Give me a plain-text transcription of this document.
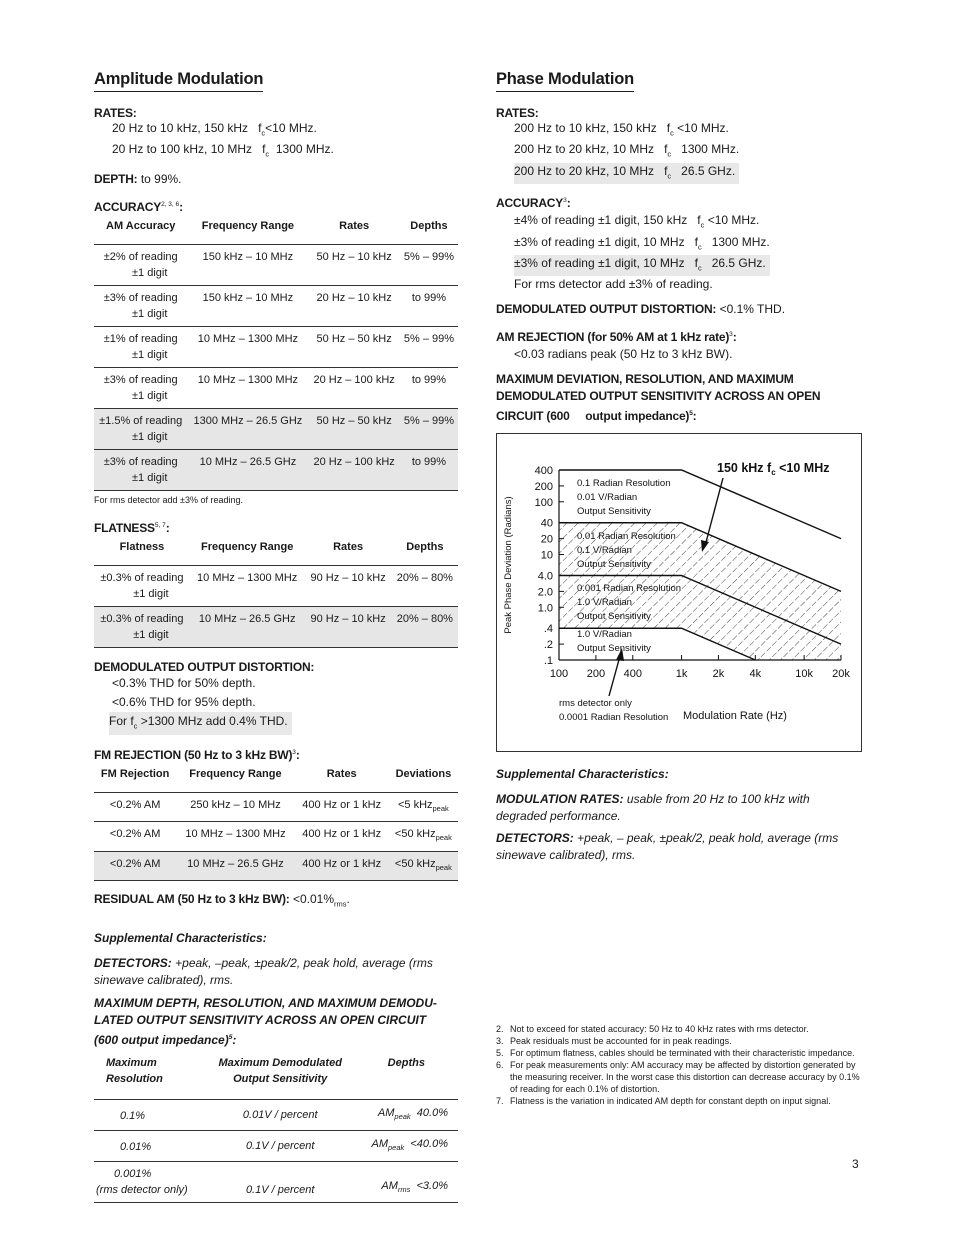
Amplitude Modulation
RATES:

20 Hz to 10 kHz, 150 kHz $f_c<10$ MHz.

20 Hz to 100 kHz, 10 MHz $f_c$ 1300 MHz.

DEPTH: to 99%.

ACCURACY$^{2, 3, 6}$:

AM Accuracy	Frequency Range	Rates	Depths
±2% of reading
±1 digit	150 kHz – 10 MHz	50 Hz – 10 kHz	5% – 99%
±3% of reading
±1 digit	150 kHz – 10 MHz	20 Hz – 10 kHz	to 99%
±1% of reading
±1 digit	10 MHz – 1300 MHz	50 Hz – 50 kHz	5% – 99%
±3% of reading
±1 digit	10 MHz – 1300 MHz	20 Hz – 100 kHz	to 99%
±1.5% of reading
±1 digit	1300 MHz – 26.5 GHz	50 Hz – 50 kHz	5% – 99%
±3% of reading
±1 digit	10 MHz – 26.5 GHz	20 Hz – 100 kHz	to 99%

For rms detector add ±3% of reading.

FLATNESS$^{5, 7}$:

Flatness	Frequency Range	Rates	Depths
±0.3% of reading
±1 digit	10 MHz – 1300 MHz	90 Hz – 10 kHz	20% – 80%
±0.3% of reading
±1 digit	10 MHz – 26.5 GHz	90 Hz – 10 kHz	20% – 80%
DEMODULATED OUTPUT DISTORTION:

<0.3% THD for 50% depth.

<0.6% THD for 95% depth.

For $f_c >1300$ MHz add 0.4% THD.

FM REJECTION (50 Hz to 3 kHz BW)$^3$:

FM Rejection	Frequency Range	Rates	Deviations
<0.2% AM	250 kHz – 10 MHz	400 Hz or 1 kHz	<5 kHz$_{peak}$
<0.2% AM	10 MHz – 1300 MHz	400 Hz or 1 kHz	<50 kHz$_{peak}$
<0.2% AM	10 MHz – 26.5 GHz	400 Hz or 1 kHz	<50 kHz$_{peak}$

RESIDUAL AM (50 Hz to 3 kHz BW): $<0.01\%_{rms}$.

Supplemental Characteristics:

DETECTORS: +peak, –peak, ±peak/2, peak hold, average (rms sinewave calibrated), rms.

MAXIMUM DEPTH, RESOLUTION, AND MAXIMUM DEMODU-
LATED OUTPUT SENSITIVITY ACROSS AN OPEN CIRCUIT
(600 output impedance)$^5$:
Maximum
Resolution	Maximum Demodulated
Output Sensitivity	Depths

0.1%	0.01V / percent	$AM_{peak}$  40.0%

0.01%	0.1V / percent	$AM_{peak} <40.0\%$

0.001%
(rms detector only)	0.1V / percent	$AM_{rms} <3.0\%$
Phase Modulation
RATES:

200 Hz to 10 kHz, 150 kHz   $f_c <10$ MHz.

200 Hz to 20 kHz, 10 MHz   $f_c$   1300 MHz.

200 Hz to 20 kHz, 10 MHz   $f_c$   26.5 GHz.

ACCURACY$^3$:

±4% of reading ±1 digit, 150 kHz   $f_c <10$ MHz.

±3% of reading ±1 digit, 10 MHz   $f_c$   1300 MHz.

±3% of reading ±1 digit, 10 MHz   $f_c$   26.5 GHz.

For rms detector add ±3% of reading.

DEMODULATED OUTPUT DISTORTION: <0.1% THD.

AM REJECTION (for 50% AM at 1 kHz rate)$^3$:

<0.03 radians peak (50 Hz to 3 kHz BW).

MAXIMUM DEVIATION, RESOLUTION, AND MAXIMUM
DEMODULATED OUTPUT SENSITIVITY ACROSS AN OPEN
CIRCUIT (600 output impedance)$^5$:
400
200
100
40
20
10
4.0
2.0
1.0
.4
.2
.1
100 200 400	1k 2k 4k	10k 20k
0.1 Radian Resolution
0.01 V/Radian
Output Sensitivity
0.01 Radian Resolution
0.1 V/Radian
Output Sensitivity
0.001 Radian Resolution
1.0 V/Radian
Output Sensitivity
1.0 V/Radian
Output Sensitivity
Peak Phase Deviation (Radians)
Modulation Rate (Hz)
150 kHz $f_c <10$ MHz
rms detector only
0.0001 Radian Resolution

Supplemental Characteristics:

MODULATION RATES: usable from 20 Hz to 100 kHz with degraded performance.

DETECTORS: +peak, – peak, ±peak/2, peak hold, average (rms sinewave calibrated), rms.

2. Not to exceed for stated accuracy: 50 Hz to 40 kHz rates with rms detector.
3. Peak residuals must be accounted for in peak readings.
5. For optimum flatness, cables should be terminated with their characteristic impedance.
6. For peak measurements only: AM accuracy may be affected by distortion generated by the measuring receiver. In the worst case this distortion can decrease accuracy by 0.1% of reading for each 0.1% of distortion.
7. Flatness is the variation in indicated AM depth for constant depth on input signal.
3
